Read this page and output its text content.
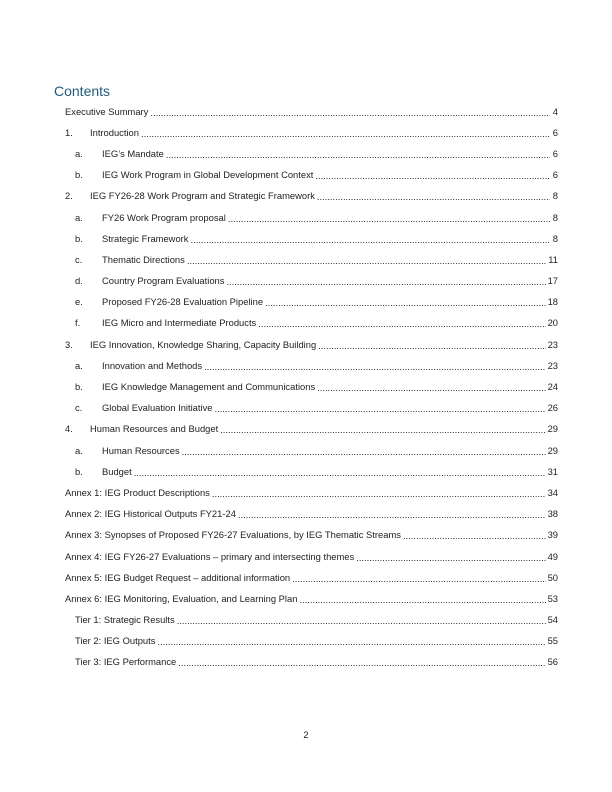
Contents
Executive Summary .....	4
1.	Introduction .....	6
a.	IEG’s Mandate .....	6
b.	IEG Work Program in Global Development Context .....	6
2.	IEG FY26-28 Work Program and Strategic Framework .....	8
a.	FY26 Work Program proposal .....	8
b.	Strategic Framework .....	8
c.	Thematic Directions .....	11
d.	Country Program Evaluations .....	17
e.	Proposed FY26-28 Evaluation Pipeline .....	18
f.	IEG Micro and Intermediate Products .....	20
3.	IEG Innovation, Knowledge Sharing, Capacity Building .....	23
a.	Innovation and Methods .....	23
b.	IEG Knowledge Management and Communications .....	24
c.	Global Evaluation Initiative .....	26
4.	Human Resources and Budget .....	29
a.	Human Resources .....	29
b.	Budget .....	31
Annex 1: IEG Product Descriptions .....	34
Annex 2: IEG Historical Outputs FY21-24 .....	38
Annex 3: Synopses of Proposed FY26-27 Evaluations, by IEG Thematic Streams .....	39
Annex 4: IEG FY26-27 Evaluations – primary and intersecting themes .....	49
Annex 5: IEG Budget Request – additional information .....	50
Annex 6: IEG Monitoring, Evaluation, and Learning Plan .....	53
Tier 1: Strategic Results .....	54
Tier 2: IEG Outputs .....	55
Tier 3: IEG Performance .....	56
2
